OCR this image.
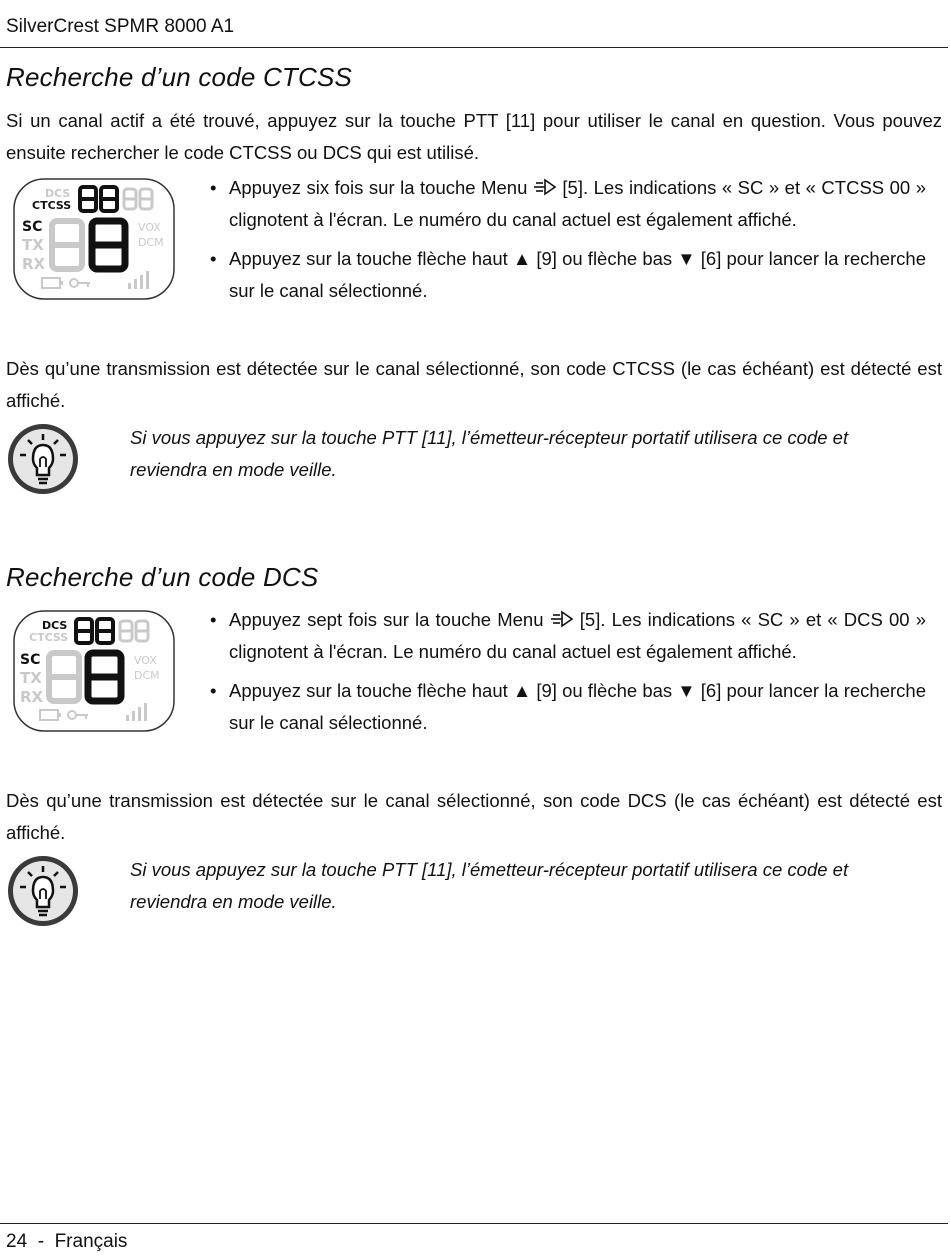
SilverCrest SPMR 8000 A1
Recherche d’un code CTCSS
Si un canal actif a été trouvé, appuyez sur la touche PTT [11] pour utiliser le canal en question. Vous pouvez ensuite rechercher le code CTCSS ou DCS qui est utilisé.
DCS
CTCSS
SC
TX
RX
VOX
DCM
• Appuyez six fois sur la touche Menu [5]. Les indications « SC » et « CTCSS 00 » clignotent à l'écran. Le numéro du canal actuel est également affiché.
• Appuyez sur la touche flèche haut ▲ [9] ou flèche bas ▼ [6] pour lancer la recherche sur le canal sélectionné.
Dès qu’une transmission est détectée sur le canal sélectionné, son code CTCSS (le cas échéant) est détecté est affiché.
Si vous appuyez sur la touche PTT [11], l’émetteur-récepteur portatif utilisera ce code et reviendra en mode veille.
Recherche d’un code DCS
DCS
CTCSS
SC
TX
RX
VOX
DCM
• Appuyez sept fois sur la touche Menu [5]. Les indications « SC » et « DCS 00 » clignotent à l'écran. Le numéro du canal actuel est également affiché.
• Appuyez sur la touche flèche haut ▲ [9] ou flèche bas ▼ [6] pour lancer la recherche sur le canal sélectionné.
Dès qu’une transmission est détectée sur le canal sélectionné, son code DCS (le cas échéant) est détecté est affiché.
Si vous appuyez sur la touche PTT [11], l’émetteur-récepteur portatif utilisera ce code et reviendra en mode veille.
24  -  Français
